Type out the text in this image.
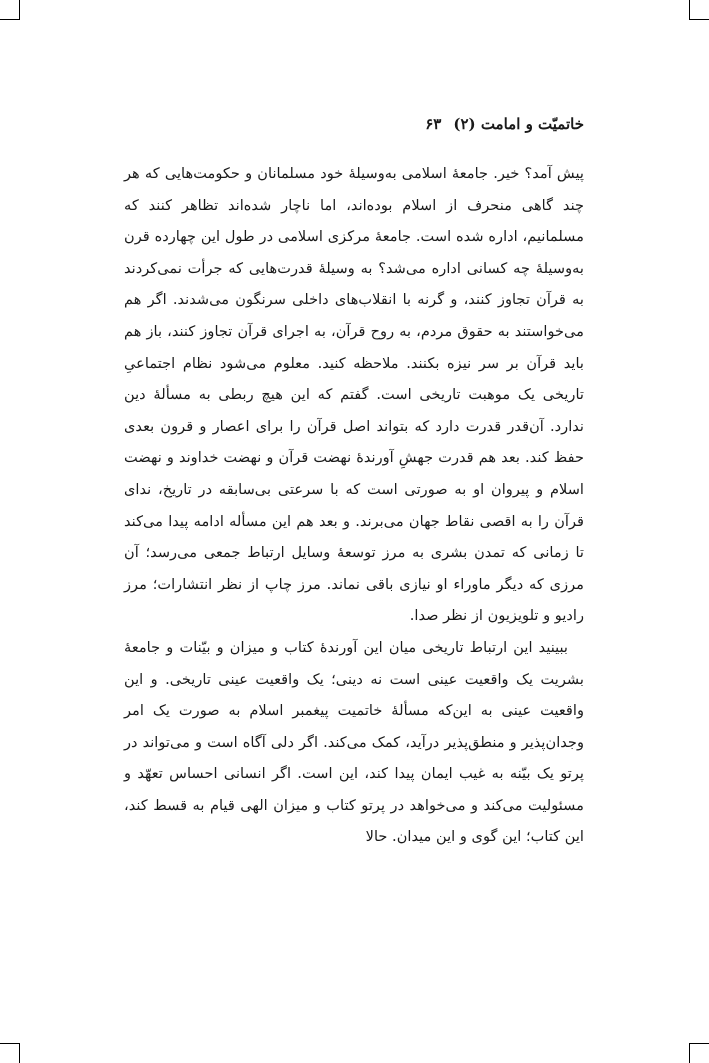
خاتمیّت و امامت (۲)۶۳

پیش آمد؟ خیر. جامعهٔ اسلامی به‌وسیلهٔ خود مسلمانان و حکومت‌هایی که هر چند گاهی منحرف از اسلام بوده‌اند، اما ناچار شده‌اند تظاهر کنند که مسلمانیم، اداره شده است. جامعهٔ مرکزی اسلامی در طول این چهارده قرن به‌وسیلهٔ چه کسانی اداره می‌شد؟ به وسیلهٔ قدرت‌هایی که جرأت نمی‌کردند به قرآن تجاوز کنند، و گرنه با انقلاب‌های داخلی سرنگون می‌شدند. اگر هم می‌خواستند به حقوق مردم، به روح قرآن، به اجرای قرآن تجاوز کنند، باز هم باید قرآن بر سر نیزه بکنند. ملاحظه کنید. معلوم می‌شود نظام اجتماعیِ تاریخی یک موهبت تاریخی است. گفتم که این هیچ ربطی به مسألهٔ دین ندارد. آن‌قدر قدرت دارد که بتواند اصل قرآن را برای اعصار و قرون بعدی حفظ کند. بعد هم قدرت جهشِ آورندهٔ نهضت قرآن و نهضت خداوند و نهضت اسلام و پیروان او به صورتی است که با سرعتی بی‌سابقه در تاریخ، ندای قرآن را به اقصی نقاط جهان می‌برند. و بعد هم این مسأله ادامه پیدا می‌کند تا زمانی که تمدن بشری به مرز توسعهٔ وسایل ارتباط جمعی می‌رسد؛ آن مرزی که دیگر ماوراء او نیازی باقی نماند. مرز چاپ از نظر انتشارات؛ مرز رادیو و تلویزیون از نظر صدا.

ببینید این ارتباط تاریخی میان این آورندهٔ کتاب و میزان و بیّنات و جامعهٔ بشریت یک واقعیت عینی است نه دینی؛ یک واقعیت عینی تاریخی. و این واقعیت عینی به این‌که مسألهٔ خاتمیت پیغمبر اسلام به صورت یک امر وجدان‌پذیر و منطق‌پذیر درآید، کمک می‌کند. اگر دلی آگاه است و می‌تواند در پرتو یک بیّنه به غیب ایمان پیدا کند، این است. اگر انسانی احساس تعهّد و مسئولیت می‌کند و می‌خواهد در پرتو کتاب و میزان الهی قیام به قسط کند، این کتاب؛ این گوی و این میدان. حالا
